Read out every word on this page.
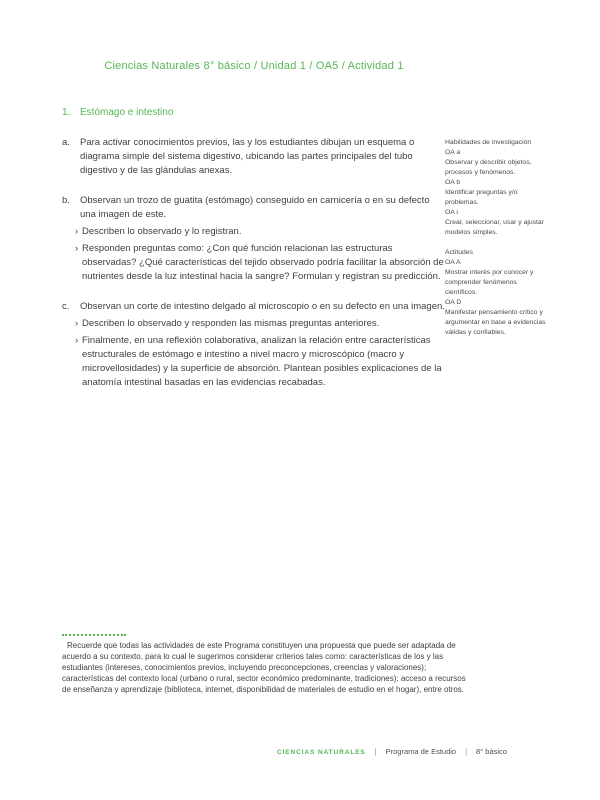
Ciencias Naturales 8° básico / Unidad 1 / OA5 / Actividad 1
1. Estómago e intestino
a.	Para activar conocimientos previos, las y los estudiantes dibujan un esquema o diagrama simple del sistema digestivo, ubicando las partes principales del tubo digestivo y de las glándulas anexas.
b.	Observan un trozo de guatita (estómago) conseguido en carnicería o en su defecto una imagen de este.
› Describen lo observado y lo registran.
› Responden preguntas como: ¿Con qué función relacionan las estructuras observadas? ¿Qué características del tejido observado podría facilitar la absorción de nutrientes desde la luz intestinal hacia la sangre? Formulan y registran su predicción.
c.	Observan un corte de intestino delgado al microscopio o en su defecto en una imagen.
› Describen lo observado y responden las mismas preguntas anteriores.
› Finalmente, en una reflexión colaborativa, analizan la relación entre características estructurales de estómago e intestino a nivel macro y microscópico (macro y microvellosidades) y la superficie de absorción. Plantean posibles explicaciones de la anatomía intestinal basadas en las evidencias recabadas.
Habilidades de investigación
OA a
Observar y describir objetos, procesos y fenómenos.
OA b
Identificar preguntas y/o problemas.
OA i
Crear, seleccionar, usar y ajustar modelos simples.
Actitudes
OA A
Mostrar interés por conocer y comprender fenómenos científicos.
OA D
Manifestar pensamiento crítico y argumentar en base a evidencias válidas y confiables.
Recuerde que todas las actividades de este Programa constituyen una propuesta que puede ser adaptada de acuerdo a su contexto, para lo cual le sugerimos considerar criterios tales como: características de los y las estudiantes (intereses, conocimientos previos, incluyendo preconcepciones, creencias y valoraciones); características del contexto local (urbano o rural, sector económico predominante, tradiciones); acceso a recursos de enseñanza y aprendizaje (biblioteca, internet, disponibilidad de materiales de estudio en el hogar), entre otros.
CIENCIAS NATURALES | Programa de Estudio | 8° básico
